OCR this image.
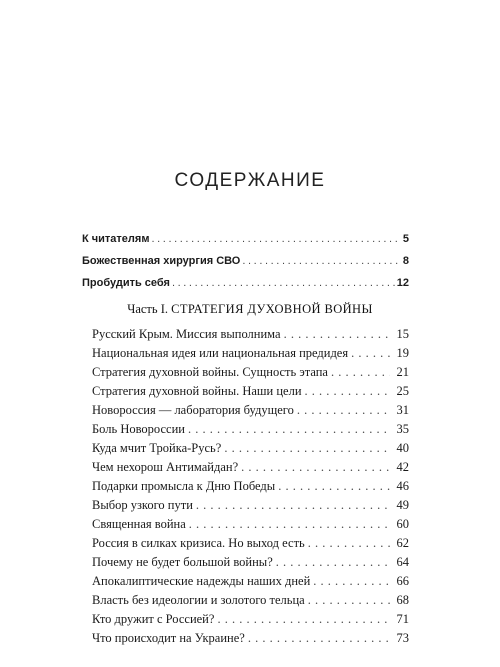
СОДЕРЖАНИЕ
К читателям .....	5
Божественная хирургия СВО .....	8
Пробудить себя .....	12
Часть I. СТРАТЕГИЯ ДУХОВНОЙ ВОЙНЫ
Русский Крым. Миссия выполнима . . .	15
Национальная идея или национальная предидея . . .	19
Стратегия духовной войны. Сущность этапа . . .	21
Стратегия духовной войны. Наши цели . . .	25
Новороссия — лаборатория будущего . . .	31
Боль Новороссии . . .	35
Куда мчит Тройка-Русь? . . .	40
Чем нехорош Антимайдан? . . .	42
Подарки промысла к Дню Победы . . .	46
Выбор узкого пути . . .	49
Священная война . . .	60
Россия в силках кризиса. Но выход есть . . .	62
Почему не будет большой войны? . . .	64
Апокалиптические надежды наших дней . . .	66
Власть без идеологии и золотого тельца . . .	68
Кто дружит с Россией? . . .	71
Что происходит на Украине? . . .	73
